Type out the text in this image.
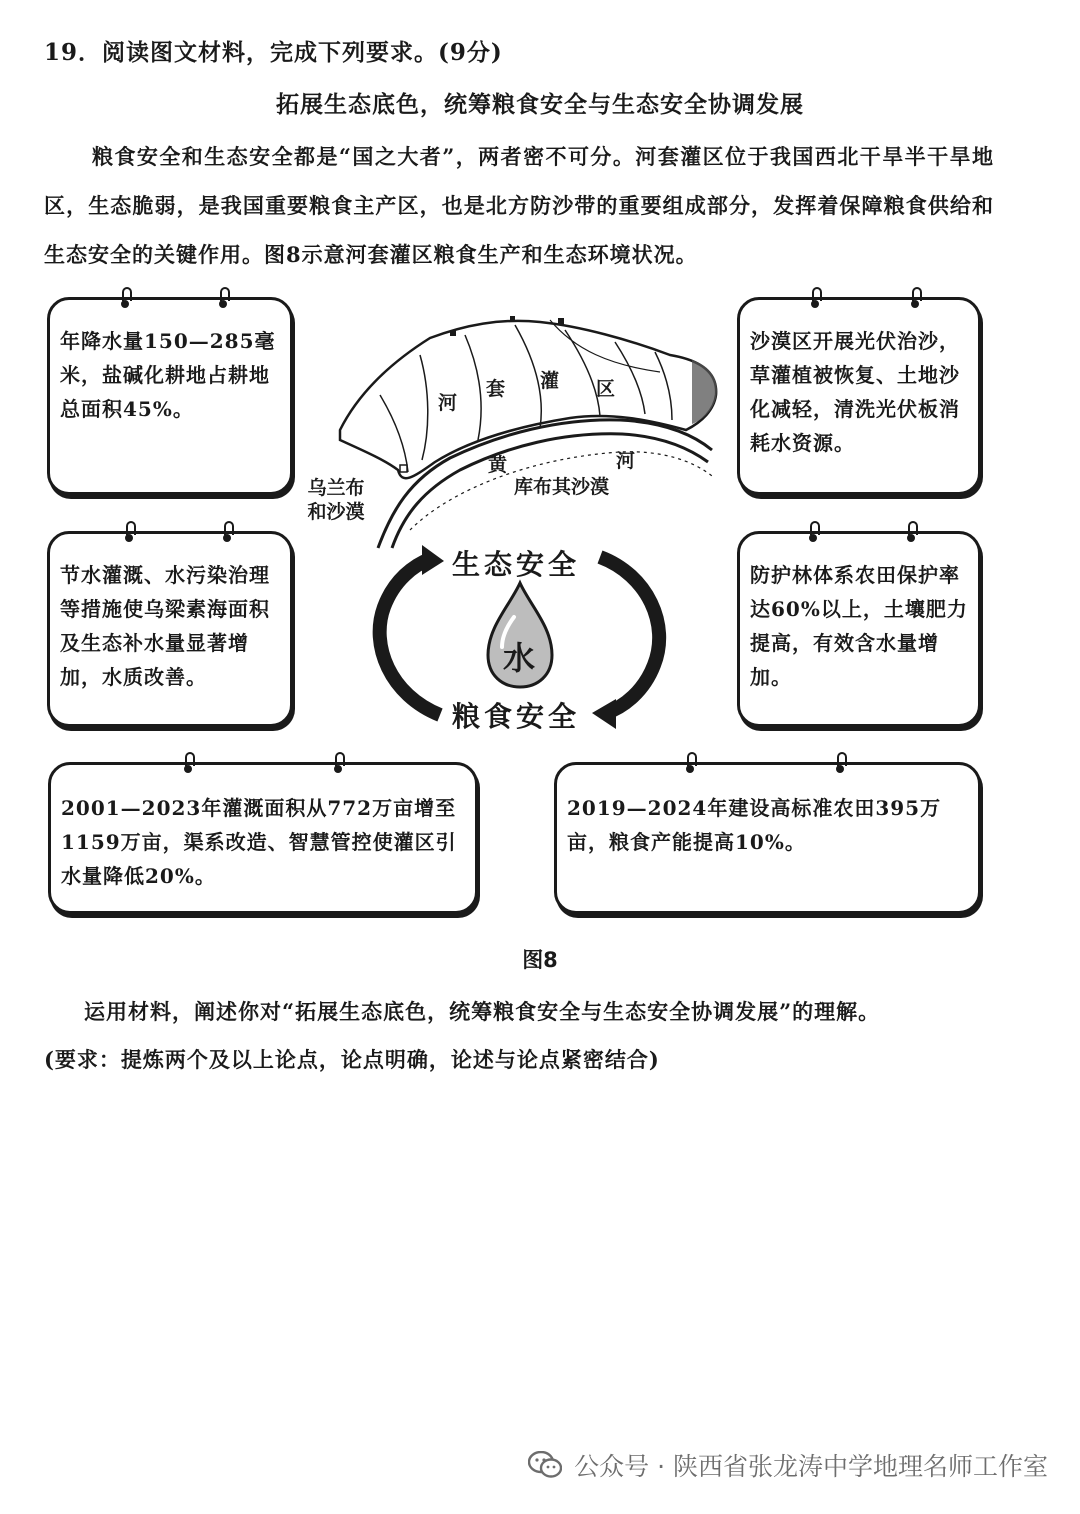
19．阅读图文材料，完成下列要求。(9分)
拓展生态底色，统筹粮食安全与生态安全协调发展
粮食安全和生态安全都是“国之大者”，两者密不可分。河套灌区位于我国西北干旱半干旱地区，生态脆弱，是我国重要粮食主产区，也是北方防沙带的重要组成部分，发挥着保障粮食供给和生态安全的关键作用。图8示意河套灌区粮食生产和生态环境状况。
年降水量150—285毫米，盐碱化耕地占耕地总面积45%。
沙漠区开展光伏治沙，草灌植被恢复、土地沙化减轻，清洗光伏板消耗水资源。
节水灌溉、水污染治理等措施使乌梁素海面积及生态补水量显著增加，水质改善。
防护林体系农田保护率达60%以上，土壤肥力提高，有效含水量增加。
2001—2023年灌溉面积从772万亩增至1159万亩，渠系改造、智慧管控使灌区引水量降低20%。
2019—2024年建设高标准农田395万亩，粮食产能提高10%。
河
套 灌 区
黄	河
乌兰布和沙漠
库布其沙漠
生态安全
粮食安全
水
图8
运用材料，阐述你对“拓展生态底色，统筹粮食安全与生态安全协调发展”的理解。
(要求：提炼两个及以上论点，论点明确，论述与论点紧密结合)
公众号 · 陕西省张龙涛中学地理名师工作室
